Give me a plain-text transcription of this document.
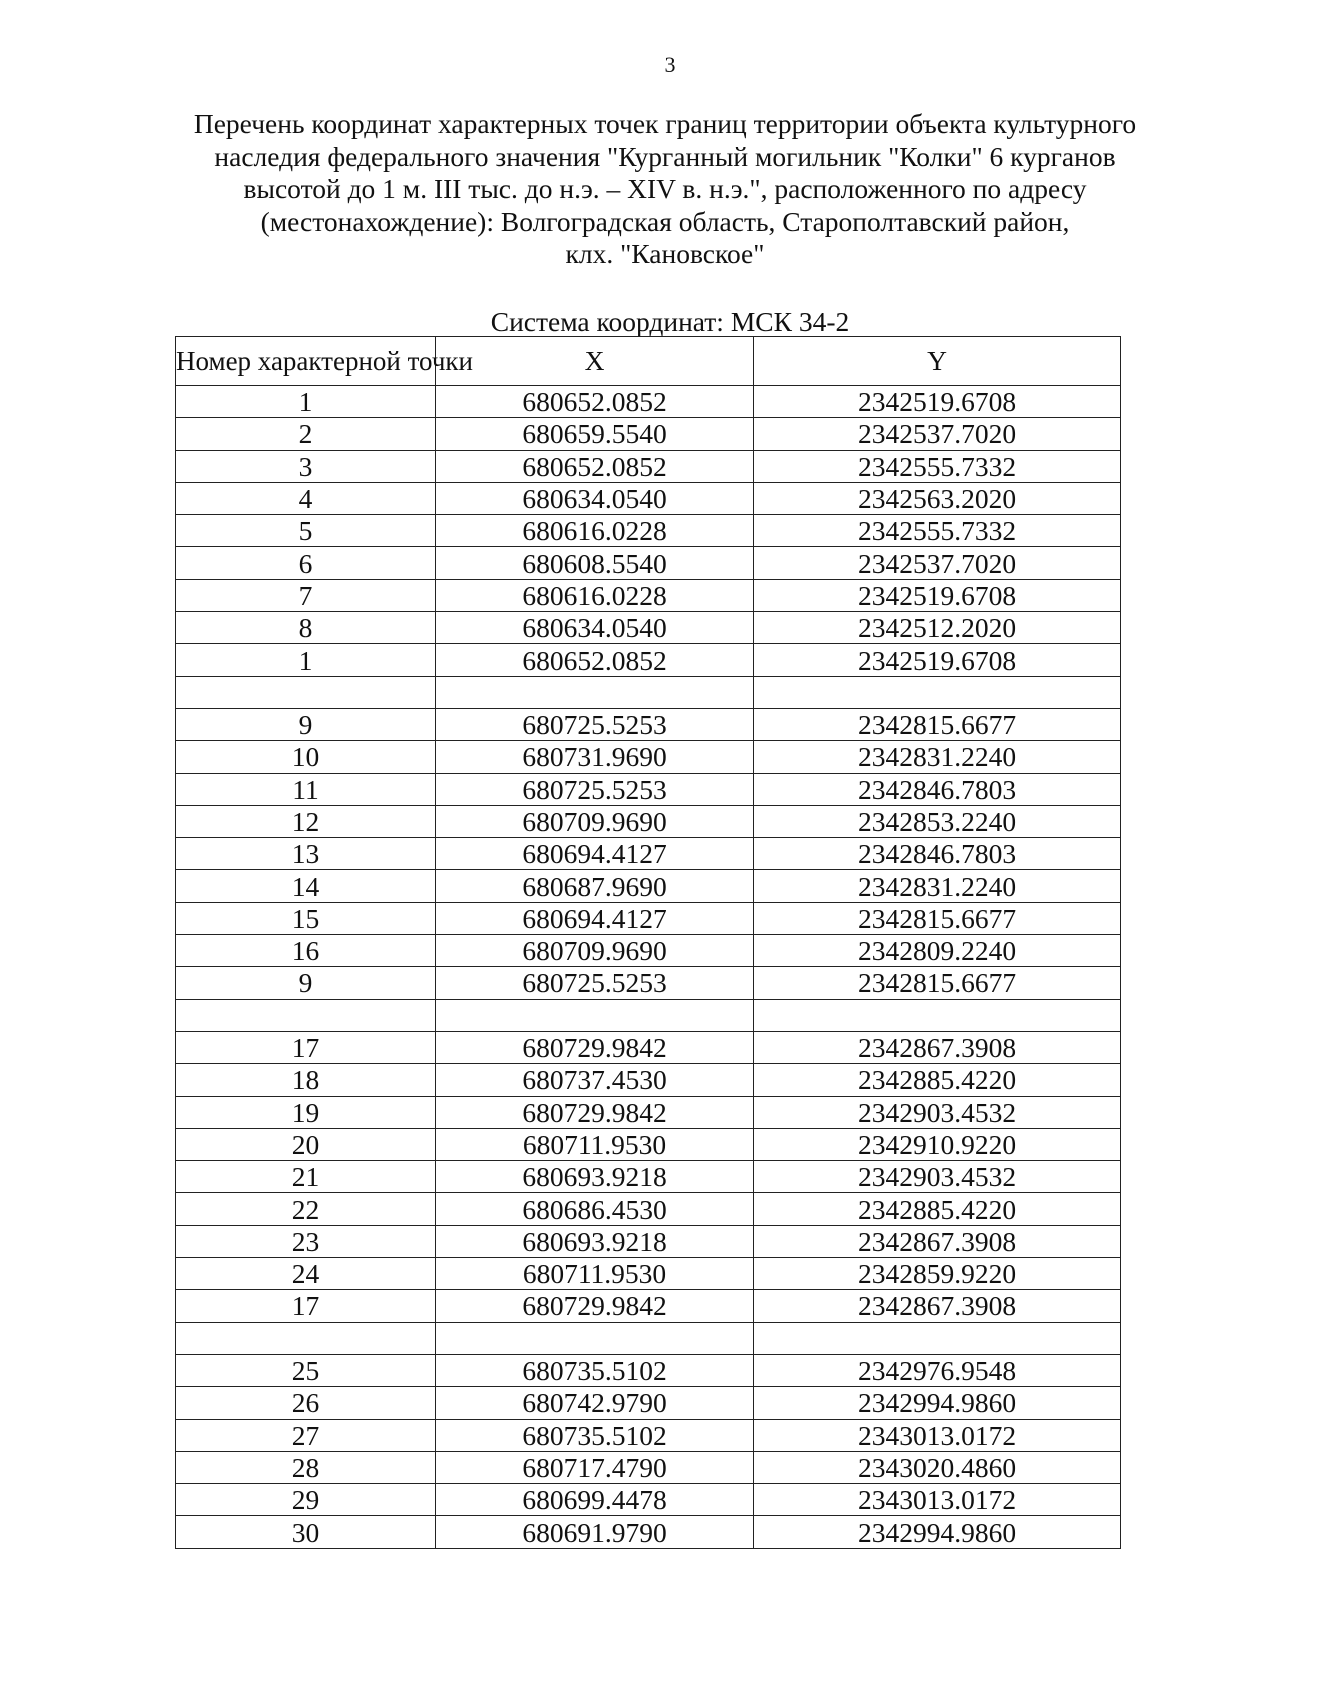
3
Перечень координат характерных точек границ территории объекта культурного
наследия федерального значения "Курганный могильник "Колки" 6 курганов
высотой до 1 м. III тыс. до н.э. – XIV в. н.э.", расположенного по адресу
(местонахождение): Волгоградская область, Старополтавский район,
клх. "Кановское"
Система координат: МСК 34-2
Номер характерной точки	X	Y
1	680652.0852	2342519.6708
2	680659.5540	2342537.7020
3	680652.0852	2342555.7332
4	680634.0540	2342563.2020
5	680616.0228	2342555.7332
6	680608.5540	2342537.7020
7	680616.0228	2342519.6708
8	680634.0540	2342512.2020
1	680652.0852	2342519.6708

9	680725.5253	2342815.6677
10	680731.9690	2342831.2240
11	680725.5253	2342846.7803
12	680709.9690	2342853.2240
13	680694.4127	2342846.7803
14	680687.9690	2342831.2240
15	680694.4127	2342815.6677
16	680709.9690	2342809.2240
9	680725.5253	2342815.6677

17	680729.9842	2342867.3908
18	680737.4530	2342885.4220
19	680729.9842	2342903.4532
20	680711.9530	2342910.9220
21	680693.9218	2342903.4532
22	680686.4530	2342885.4220
23	680693.9218	2342867.3908
24	680711.9530	2342859.9220
17	680729.9842	2342867.3908

25	680735.5102	2342976.9548
26	680742.9790	2342994.9860
27	680735.5102	2343013.0172
28	680717.4790	2343020.4860
29	680699.4478	2343013.0172
30	680691.9790	2342994.9860
